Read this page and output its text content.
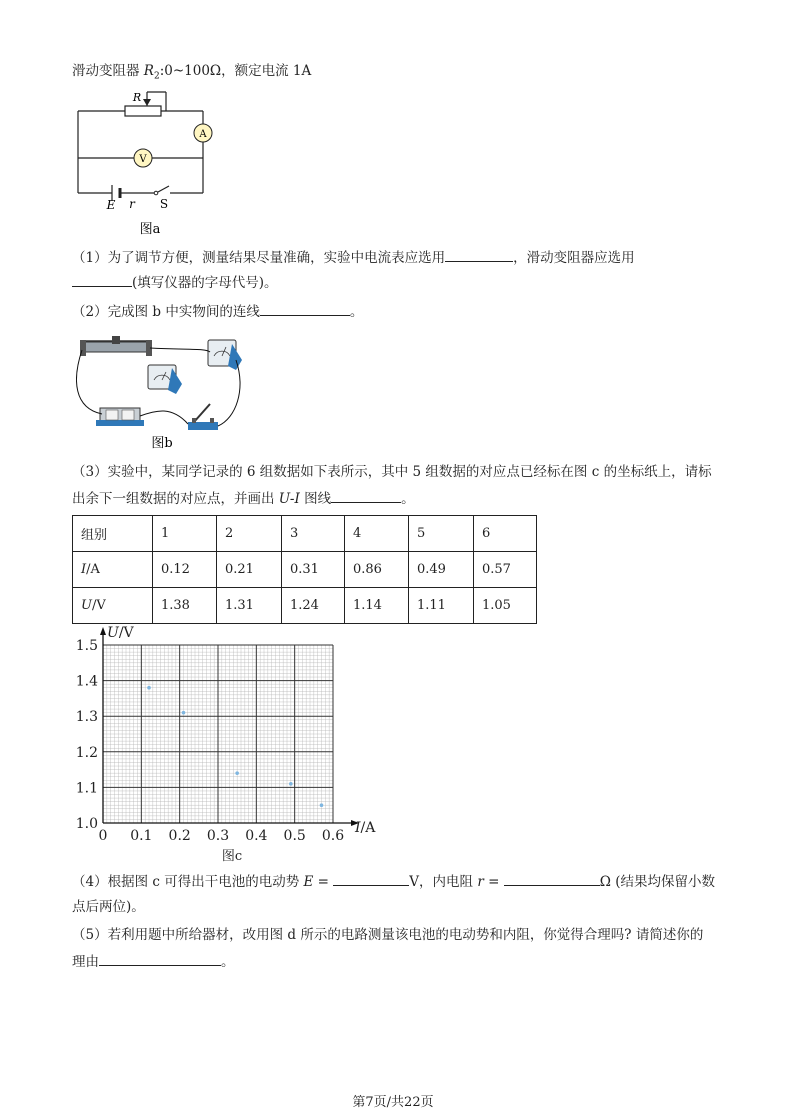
滑动变阻器 $R_2:0\sim 100\Omega$，额定电流 1A
R
A
V
E r S
图a
（1）为了调节方便，测量结果尽量准确，实验中电流表应选用	，滑动变阻器应选用
(填写仪器的字母代号)。
（2）完成图 b 中实物间的连线	。
图b
（3）实验中，某同学记录的 6 组数据如下表所示，其中 5 组数据的对应点已经标在图 c 的坐标纸上，请标
出余下一组数据的对应点，并画出 U-I 图线	。
组别	1	2	3	4	5	6
I/A	0.12	0.21	0.31	0.86	0.49	0.57
U/V	1.38	1.31	1.24	1.14	1.11	1.05
0 0.1 0.2 0.3 0.4 0.5 0.6
1.0
1.1
1.2
1.3
1.4
1.5
U/V
I/A
图c
（4）根据图 c 可得出干电池的电动势 E =	V，内电阻 r =	Ω (结果均保留小数
点后两位)。
（5）若利用题中所给器材，改用图 d 所示的电路测量该电池的电动势和内阻，你觉得合理吗? 请简述你的
理由	。
第7页/共22页
